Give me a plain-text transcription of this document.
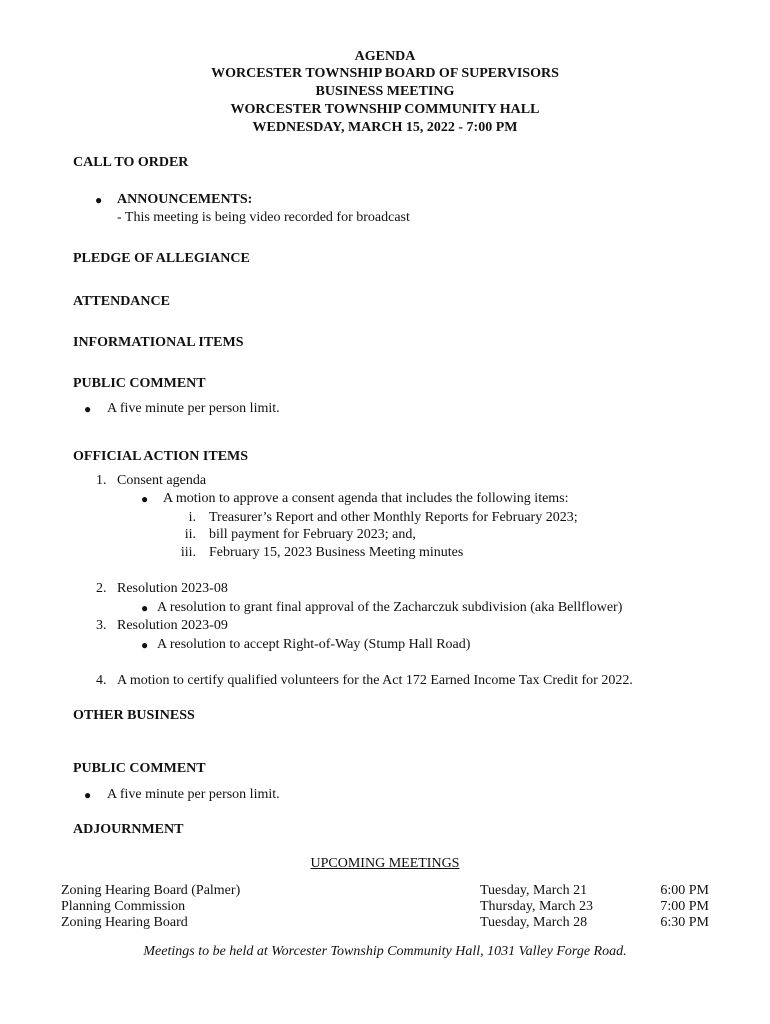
AGENDA
WORCESTER TOWNSHIP BOARD OF SUPERVISORS
BUSINESS MEETING
WORCESTER TOWNSHIP COMMUNITY HALL
WEDNESDAY, MARCH 15, 2022 - 7:00 PM
CALL TO ORDER
● ANNOUNCEMENTS:
- This meeting is being video recorded for broadcast
PLEDGE OF ALLEGIANCE
ATTENDANCE
INFORMATIONAL ITEMS
PUBLIC COMMENT
● A five minute per person limit.
OFFICIAL ACTION ITEMS
1. Consent agenda
● A motion to approve a consent agenda that includes the following items:
i. Treasurer’s Report and other Monthly Reports for February 2023;
ii. bill payment for February 2023; and,
iii. February 15, 2023 Business Meeting minutes
2. Resolution 2023-08
● A resolution to grant final approval of the Zacharczuk subdivision (aka Bellflower)
3. Resolution 2023-09
● A resolution to accept Right-of-Way (Stump Hall Road)
4. A motion to certify qualified volunteers for the Act 172 Earned Income Tax Credit for 2022.
OTHER BUSINESS
PUBLIC COMMENT
● A five minute per person limit.
ADJOURNMENT
UPCOMING MEETINGS
Zoning Hearing Board (Palmer)	Tuesday, March 21	6:00 PM
Planning Commission	Thursday, March 23	7:00 PM
Zoning Hearing Board	Tuesday, March 28	6:30 PM
Meetings to be held at Worcester Township Community Hall, 1031 Valley Forge Road.
